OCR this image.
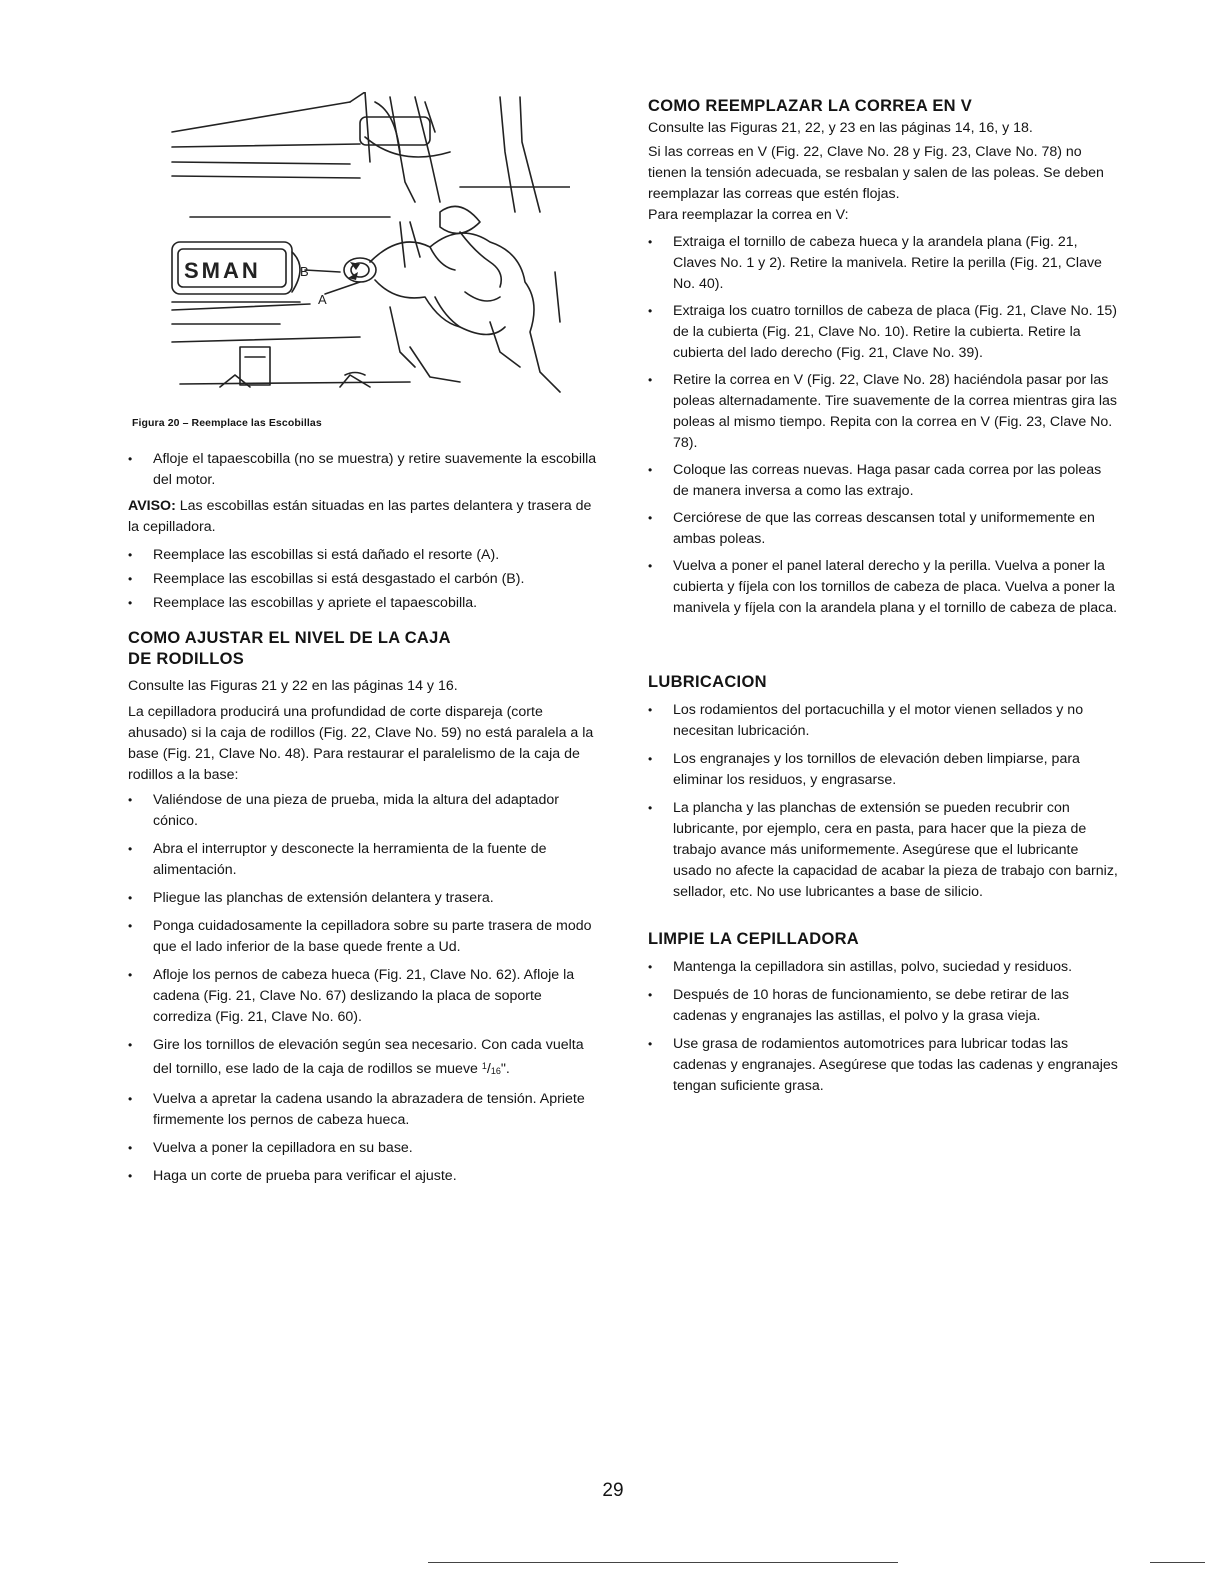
SMAN	B
A
Figura 20 – Reemplace las Escobillas
• Afloje el tapaescobilla (no se muestra) y retire suavemente la escobilla del motor.

AVISO: Las escobillas están situadas en las partes delantera y trasera de la cepilladora.

• Reemplace las escobillas si está dañado el resorte (A).
• Reemplace las escobillas si está desgastado el carbón (B).
• Reemplace las escobillas y apriete el tapaescobilla.
COMO AJUSTAR EL NIVEL DE LA CAJA
DE RODILLOS

Consulte las Figuras 21 y 22 en las páginas 14 y 16.

La cepilladora producirá una profundidad de corte dispareja (corte ahusado) si la caja de rodillos (Fig. 22, Clave No. 59) no está paralela a la base (Fig. 21, Clave No. 48). Para restaurar el paralelismo de la caja de rodillos a la base:

• Valiéndose de una pieza de prueba, mida la altura del adaptador cónico.
• Abra el interruptor y desconecte la herramienta de la fuente de alimentación.
• Pliegue las planchas de extensión delantera y trasera.
• Ponga cuidadosamente la cepilladora sobre su parte trasera de modo que el lado inferior de la base quede frente a Ud.
• Afloje los pernos de cabeza hueca (Fig. 21, Clave No. 62). Afloje la cadena (Fig. 21, Clave No. 67) deslizando la placa de soporte corrediza (Fig. 21, Clave No. 60).
• Gire los tornillos de elevación según sea necesario. Con cada vuelta del tornillo, ese lado de la caja de rodillos se mueve $^1$/16".
• Vuelva a apretar la cadena usando la abrazadera de tensión. Apriete firmemente los pernos de cabeza hueca.
• Vuelva a poner la cepilladora en su base.
• Haga un corte de prueba para verificar el ajuste.
COMO REEMPLAZAR LA CORREA EN V

Consulte las Figuras 21, 22, y 23 en las páginas 14, 16, y 18.

Si las correas en V (Fig. 22, Clave No. 28 y Fig. 23, Clave No. 78) no tienen la tensión adecuada, se resbalan y salen de las poleas. Se deben reemplazar las correas que estén flojas.

Para reemplazar la correa en V:

• Extraiga el tornillo de cabeza hueca y la arandela plana (Fig. 21, Claves No. 1 y 2). Retire la manivela. Retire la perilla (Fig. 21, Clave No. 40).
• Extraiga los cuatro tornillos de cabeza de placa (Fig. 21, Clave No. 15) de la cubierta (Fig. 21, Clave No. 10). Retire la cubierta. Retire la cubierta del lado derecho (Fig. 21, Clave No. 39).
• Retire la correa en V (Fig. 22, Clave No. 28) haciéndola pasar por las poleas alternadamente. Tire suavemente de la correa mientras gira las poleas al mismo tiempo. Repita con la correa en V (Fig. 23, Clave No. 78).
• Coloque las correas nuevas. Haga pasar cada correa por las poleas de manera inversa a como las extrajo.
• Cerciórese de que las correas descansen total y uniformemente en ambas poleas.
• Vuelva a poner el panel lateral derecho y la perilla. Vuelva a poner la cubierta y fíjela con los tornillos de cabeza de placa. Vuelva a poner la manivela y fíjela con la arandela plana y el tornillo de cabeza de placa.
LUBRICACION
• Los rodamientos del portacuchilla y el motor vienen sellados y no necesitan lubricación.
• Los engranajes y los tornillos de elevación deben limpiarse, para eliminar los residuos, y engrasarse.
• La plancha y las planchas de extensión se pueden recubrir con lubricante, por ejemplo, cera en pasta, para hacer que la pieza de trabajo avance más uniformemente. Asegúrese que el lubricante usado no afecte la capacidad de acabar la pieza de trabajo con barniz, sellador, etc. No use lubricantes a base de silicio.
LIMPIE LA CEPILLADORA
• Mantenga la cepilladora sin astillas, polvo, suciedad y residuos.
• Después de 10 horas de funcionamiento, se debe retirar de las cadenas y engranajes las astillas, el polvo y la grasa vieja.
• Use grasa de rodamientos automotrices para lubricar todas las cadenas y engranajes. Asegúrese que todas las cadenas y engranajes tengan suficiente grasa.
29
